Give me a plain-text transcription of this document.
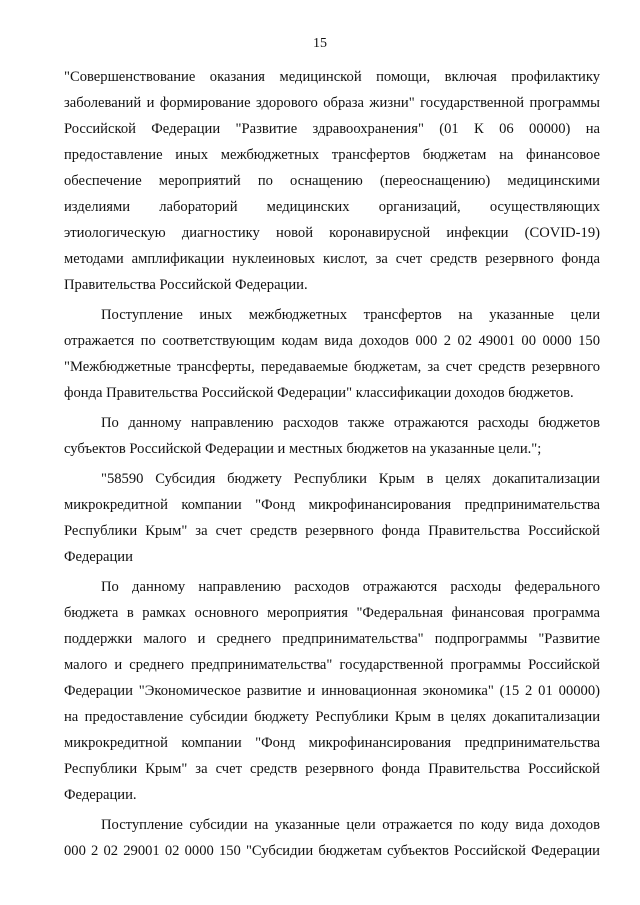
15
"Совершенствование оказания медицинской помощи, включая профилактику
заболеваний и формирование здорового образа жизни" государственной программы
Российской Федерации "Развитие здравоохранения" (01 К 06 00000) на
предоставление иных межбюджетных трансфертов бюджетам на финансовое
обеспечение мероприятий по оснащению (переоснащению) медицинскими
изделиями лабораторий медицинских организаций, осуществляющих
этиологическую диагностику новой коронавирусной инфекции (COVID-19)
методами амплификации нуклеиновых кислот, за счет средств резервного фонда
Правительства Российской Федерации.
Поступление иных межбюджетных трансфертов на указанные цели
отражается по соответствующим кодам вида доходов 000 2 02 49001 00 0000 150
"Межбюджетные трансферты, передаваемые бюджетам, за счет средств резервного
фонда Правительства Российской Федерации" классификации доходов бюджетов.
По данному направлению расходов также отражаются расходы бюджетов
субъектов Российской Федерации и местных бюджетов на указанные цели.";
"58590 Субсидия бюджету Республики Крым в целях докапитализации
микрокредитной компании "Фонд микрофинансирования предпринимательства
Республики Крым" за счет средств резервного фонда Правительства Российской
Федерации
По данному направлению расходов отражаются расходы федерального
бюджета в рамках основного мероприятия "Федеральная финансовая программа
поддержки малого и среднего предпринимательства" подпрограммы "Развитие
малого и среднего предпринимательства" государственной программы Российской
Федерации "Экономическое развитие и инновационная экономика" (15 2 01 00000)
на предоставление субсидии бюджету Республики Крым в целях докапитализации
микрокредитной компании "Фонд микрофинансирования предпринимательства
Республики Крым" за счет средств резервного фонда Правительства Российской
Федерации.
Поступление субсидии на указанные цели отражается по коду вида доходов
000 2 02 29001 02 0000 150 "Субсидии бюджетам субъектов Российской Федерации
